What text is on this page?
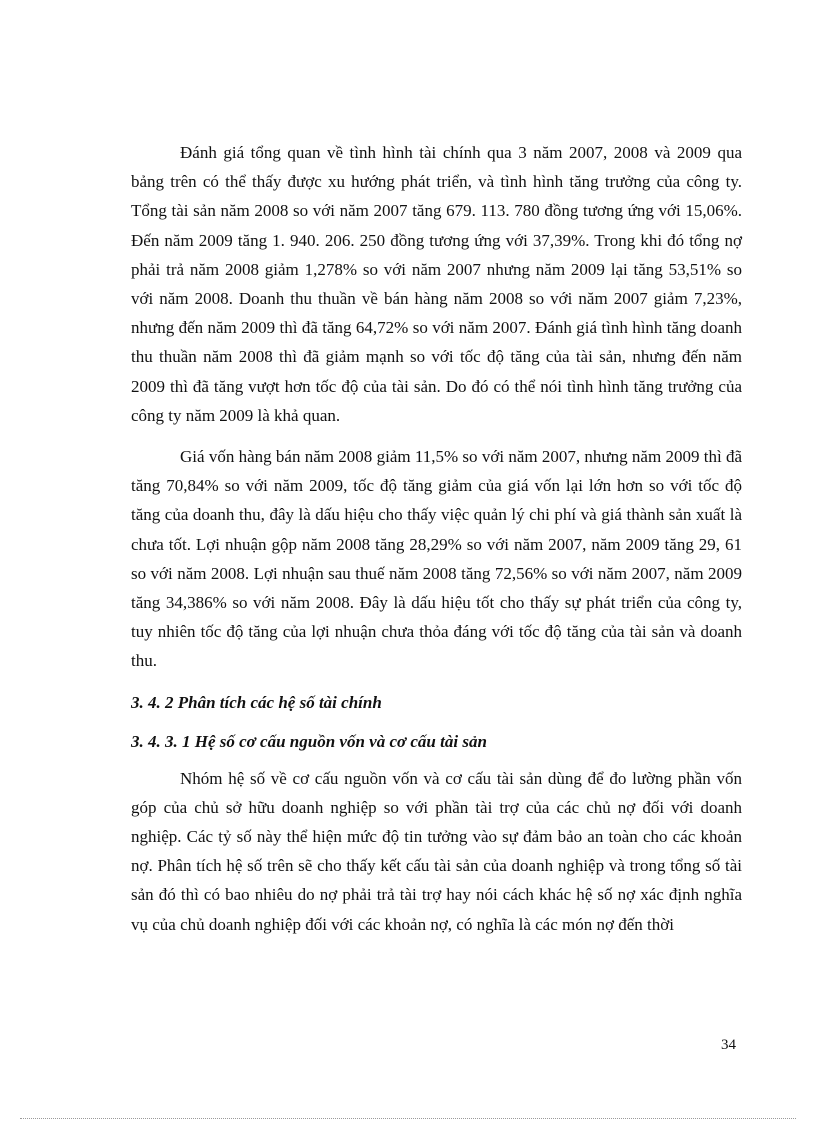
Đánh giá tổng quan về tình hình tài chính qua 3 năm 2007, 2008 và 2009 qua bảng trên có thể thấy được xu hướng phát triển, và tình hình tăng trưởng của công ty. Tổng tài sản năm 2008 so với năm 2007 tăng 679. 113. 780 đồng tương ứng với 15,06%. Đến năm 2009 tăng 1. 940. 206. 250 đồng tương ứng với 37,39%. Trong khi đó tổng nợ phải trả năm 2008 giảm 1,278% so với năm 2007 nhưng năm 2009 lại tăng 53,51% so với năm 2008. Doanh thu thuần về bán hàng năm 2008 so với năm 2007 giảm 7,23%, nhưng đến năm 2009 thì đã tăng 64,72% so với năm 2007. Đánh giá tình hình tăng doanh thu thuần năm 2008 thì đã giảm mạnh so với tốc độ tăng của tài sản, nhưng đến năm 2009 thì đã tăng vượt hơn tốc độ của tài sản. Do đó có thể nói tình hình tăng trưởng của công ty năm 2009 là khả quan.

Giá vốn hàng bán năm 2008 giảm 11,5% so với năm 2007, nhưng năm 2009 thì đã tăng 70,84% so với năm 2009, tốc độ tăng giảm của giá vốn lại lớn hơn so với tốc độ tăng của doanh thu, đây là dấu hiệu cho thấy việc quản lý chi phí và giá thành sản xuất là chưa tốt. Lợi nhuận gộp năm 2008 tăng 28,29% so với năm 2007, năm 2009 tăng 29, 61 so với năm 2008. Lợi nhuận sau thuế năm 2008 tăng 72,56% so với năm 2007, năm 2009 tăng 34,386% so với năm 2008. Đây là dấu hiệu tốt cho thấy sự phát triển của công ty, tuy nhiên tốc độ tăng của lợi nhuận chưa thỏa đáng với tốc độ tăng của tài sản và doanh thu.

3. 4. 2 Phân tích các hệ số tài chính
3. 4. 3. 1 Hệ số cơ cấu nguồn vốn và cơ cấu tài sản

Nhóm hệ số về cơ cấu nguồn vốn và cơ cấu tài sản dùng để đo lường phần vốn góp của chủ sở hữu doanh nghiệp so với phần tài trợ của các chủ nợ đối với doanh nghiệp. Các tỷ số này thể hiện mức độ tin tưởng vào sự đảm bảo an toàn cho các khoản nợ. Phân tích hệ số trên sẽ cho thấy kết cấu tài sản của doanh nghiệp và trong tổng số tài sản đó thì có bao nhiêu do nợ phải trả tài trợ hay nói cách khác hệ số nợ xác định nghĩa vụ của chủ doanh nghiệp đối với các khoản nợ, có nghĩa là các món nợ đến thời

34
